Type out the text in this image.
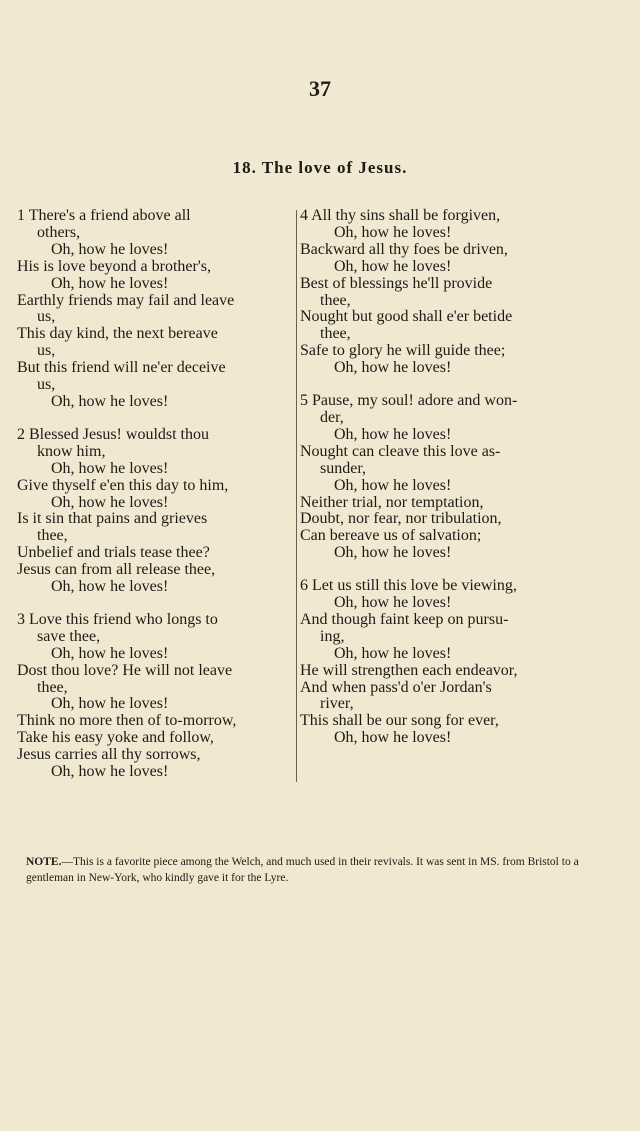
37
18. The love of Jesus.
1 There's a friend above all
others,
Oh, how he loves!
His is love beyond a brother's,
Oh, how he loves!
Earthly friends may fail and leave
us,
This day kind, the next bereave
us,
But this friend will ne'er deceive
us,
Oh, how he loves!
2 Blessed Jesus! wouldst thou
know him,
Oh, how he loves!
Give thyself e'en this day to him,
Oh, how he loves!
Is it sin that pains and grieves
thee,
Unbelief and trials tease thee?
Jesus can from all release thee,
Oh, how he loves!
3 Love this friend who longs to
save thee,
Oh, how he loves!
Dost thou love? He will not leave
thee,
Oh, how he loves!
Think no more then of to-morrow,
Take his easy yoke and follow,
Jesus carries all thy sorrows,
Oh, how he loves!
4 All thy sins shall be forgiven,
Oh, how he loves!
Backward all thy foes be driven,
Oh, how he loves!
Best of blessings he'll provide
thee,
Nought but good shall e'er betide
thee,
Safe to glory he will guide thee;
Oh, how he loves!
5 Pause, my soul! adore and won-
der,
Oh, how he loves!
Nought can cleave this love as-
sunder,
Oh, how he loves!
Neither trial, nor temptation,
Doubt, nor fear, nor tribulation,
Can bereave us of salvation;
Oh, how he loves!
6 Let us still this love be viewing,
Oh, how he loves!
And though faint keep on pursu-
ing,
Oh, how he loves!
He will strengthen each endeavor,
And when pass'd o'er Jordan's
river,
This shall be our song for ever,
Oh, how he loves!
NOTE.—This is a favorite piece among the Welch, and much used in their revivals. It was sent in MS. from Bristol to a gentleman in New-York, who kindly gave it for the Lyre.
